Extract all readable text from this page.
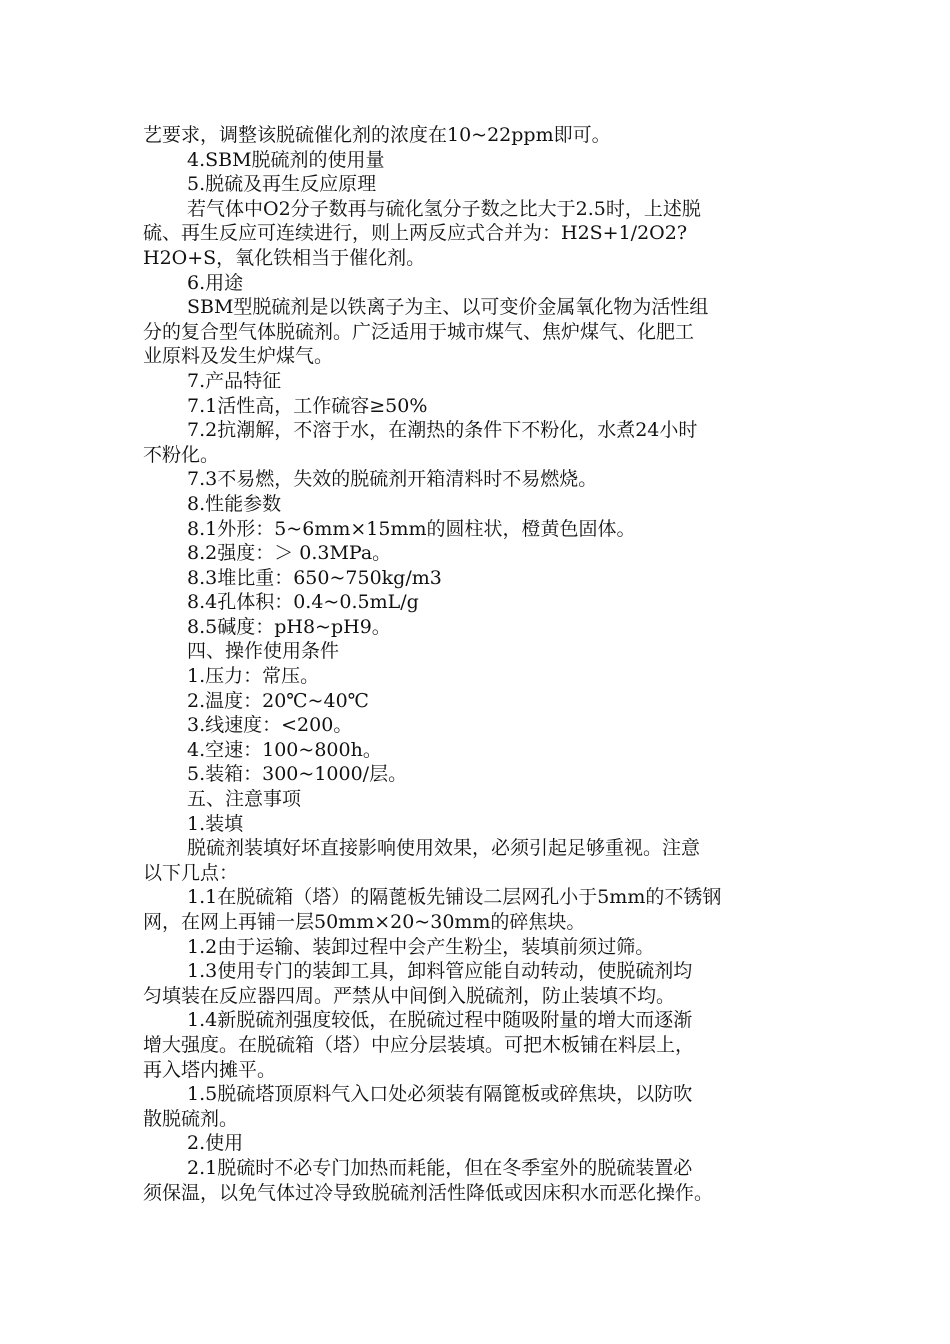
艺要求，调整该脱硫催化剂的浓度在10~22ppm即可。

4.SBM脱硫剂的使用量

5.脱硫及再生反应原理

若气体中O2分子数再与硫化氢分子数之比大于2.5时，上述脱

硫、再生反应可连续进行，则上两反应式合并为：H2S+1/2O2?

H2O+S，氧化铁相当于催化剂。

6.用途

SBM型脱硫剂是以铁离子为主、以可变价金属氧化物为活性组

分的复合型气体脱硫剂。广泛适用于城市煤气、焦炉煤气、化肥工

业原料及发生炉煤气。

7.产品特征

7.1活性高，工作硫容≥50%

7.2抗潮解，不溶于水，在潮热的条件下不粉化，水煮24小时

不粉化。

7.3不易燃，失效的脱硫剂开箱清料时不易燃烧。

8.性能参数

8.1外形：5~6mm×15mm的圆柱状，橙黄色固体。

8.2强度：＞ 0.3MPa。

8.3堆比重：650~750kg/m3

8.4孔体积：0.4~0.5mL/g

8.5碱度：pH8~pH9。

四、操作使用条件

1.压力：常压。

2.温度：20℃~40℃

3.线速度：<200。

4.空速：100~800h。

5.装箱：300~1000/层。

五、注意事项

1.装填

脱硫剂装填好坏直接影响使用效果，必须引起足够重视。注意

以下几点：

1.1在脱硫箱（塔）的隔蓖板先铺设二层网孔小于5mm的不锈钢

网，在网上再铺一层50mm×20~30mm的碎焦块。

1.2由于运输、装卸过程中会产生粉尘，装填前须过筛。

1.3使用专门的装卸工具，卸料管应能自动转动，使脱硫剂均

匀填装在反应器四周。严禁从中间倒入脱硫剂，防止装填不均。

1.4新脱硫剂强度较低，在脱硫过程中随吸附量的增大而逐渐

增大强度。在脱硫箱（塔）中应分层装填。可把木板铺在料层上，

再入塔内摊平。

1.5脱硫塔顶原料气入口处必须装有隔篦板或碎焦块，以防吹

散脱硫剂。

2.使用

2.1脱硫时不必专门加热而耗能，但在冬季室外的脱硫装置必

须保温，以免气体过冷导致脱硫剂活性降低或因床积水而恶化操作。
